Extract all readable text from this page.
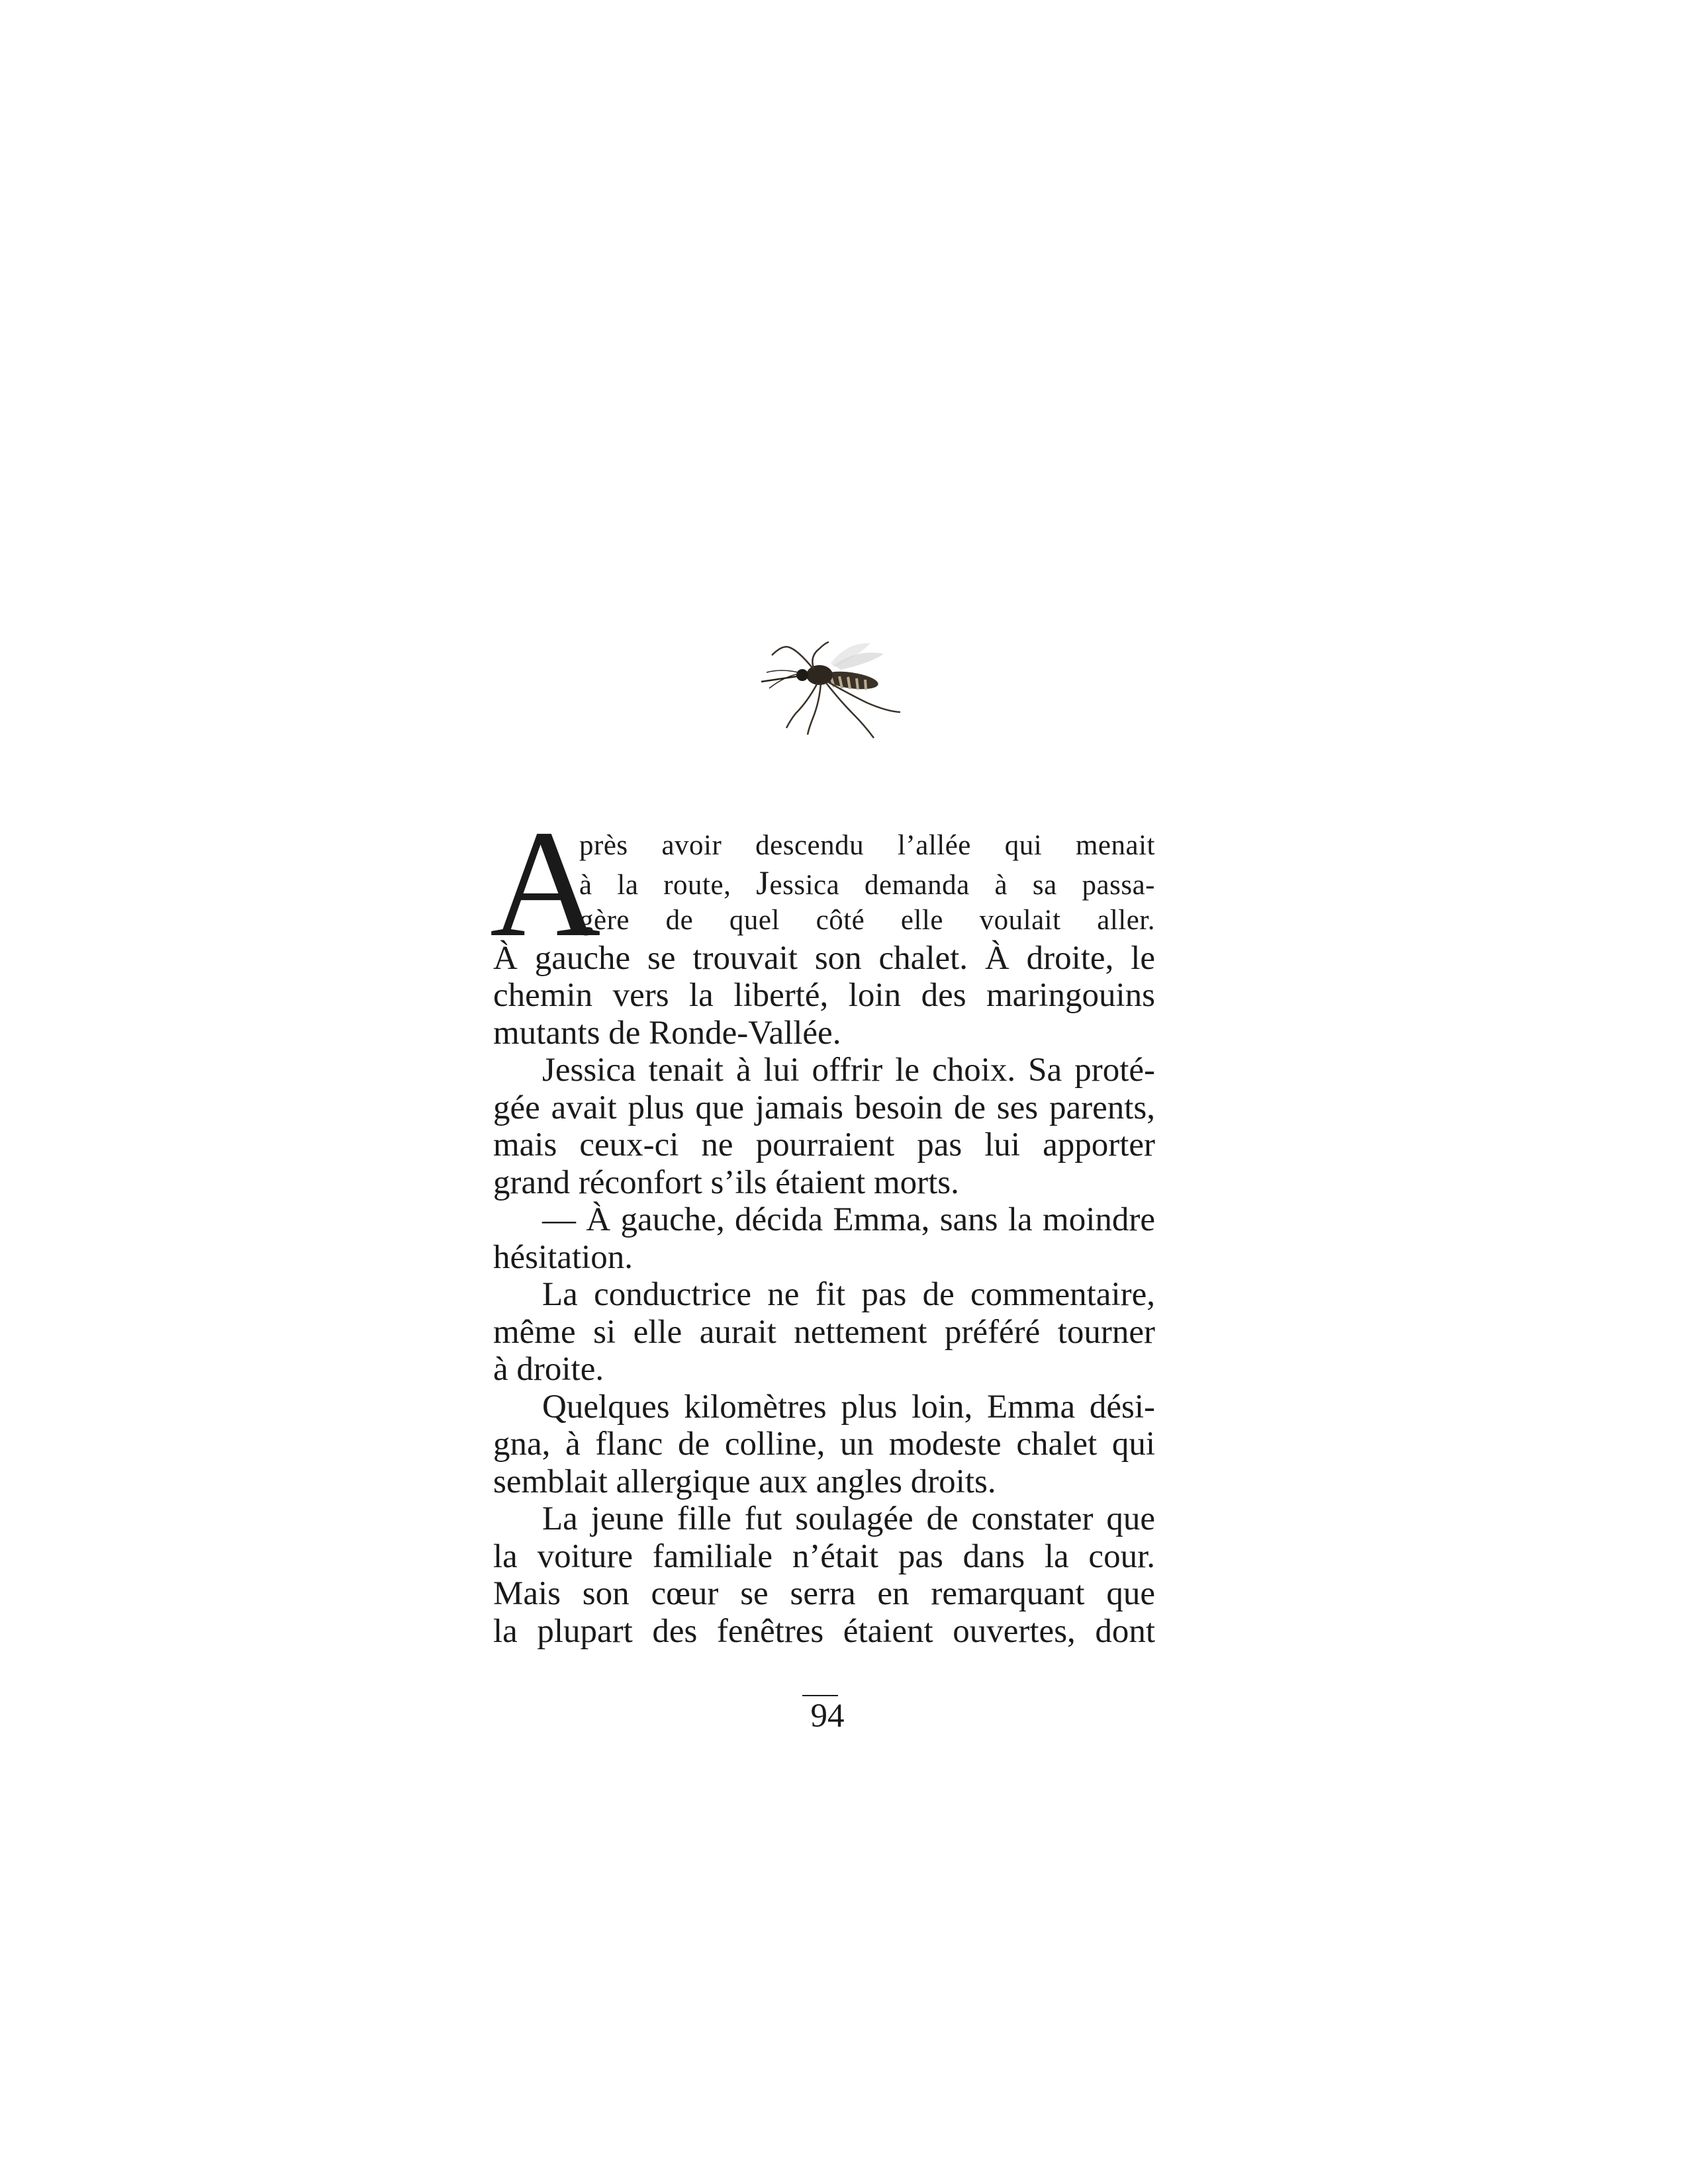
A
près avoir descendu l’allée qui menait
à la route, Jessica demanda à sa passa-
gère de quel côté elle voulait aller.
À gauche se trouvait son chalet. À droite, le
chemin vers la liberté, loin des maringouins
mutants de Ronde-Vallée.
Jessica tenait à lui offrir le choix. Sa proté-
gée avait plus que jamais besoin de ses parents,
mais ceux-ci ne pourraient pas lui apporter
grand réconfort s’ils étaient morts.
— À gauche, décida Emma, sans la moindre
hésitation.
La conductrice ne fit pas de commentaire,
même si elle aurait nettement préféré tourner
à droite.
Quelques kilomètres plus loin, Emma dési-
gna, à flanc de colline, un modeste chalet qui
semblait allergique aux angles droits.
La jeune fille fut soulagée de constater que
la voiture familiale n’était pas dans la cour.
Mais son cœur se serra en remarquant que
la plupart des fenêtres étaient ouvertes, dont
94
